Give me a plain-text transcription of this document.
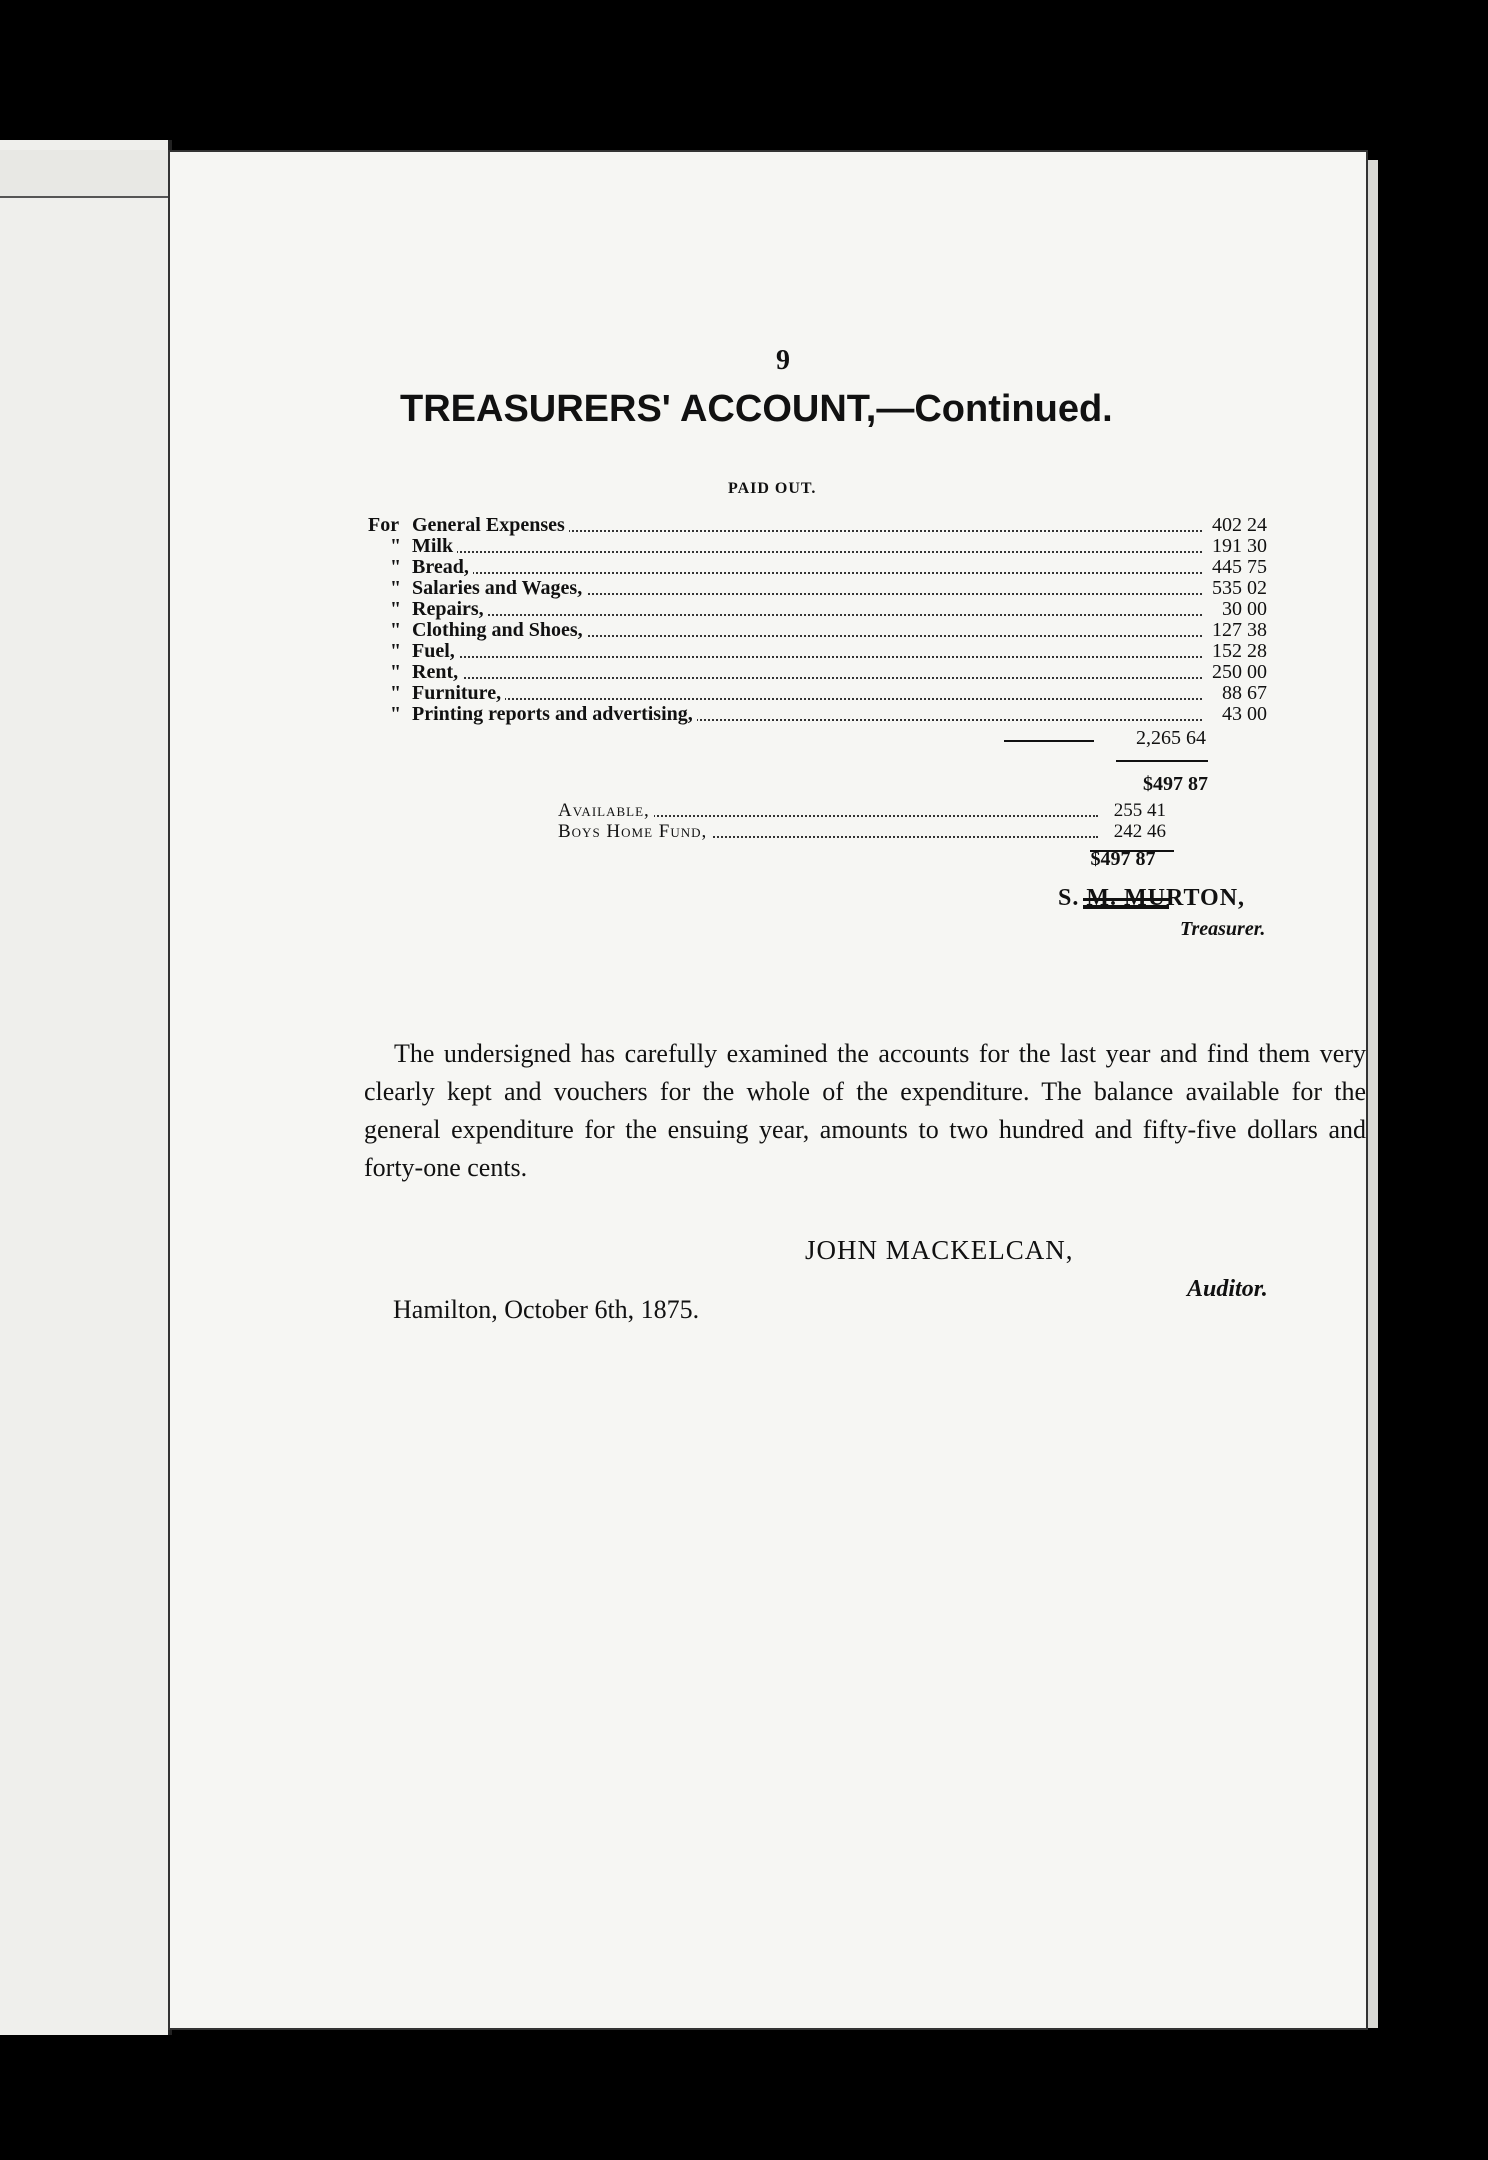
9
TREASURERS' ACCOUNT,—Continued.
PAID OUT.
For General Expenses	402 24
" Milk	191 30
" Bread,	445 75
" Salaries and Wages,	535 02
" Repairs,	30 00
" Clothing and Shoes,	127 38
" Fuel,	152 28
" Rent,	250 00
" Furniture,	88 67
" Printing reports and advertising,	43 00
2,265 64
$497 87
Available,	255 41
Boys Home Fund,	242 46
$497 87
S. M. MURTON,
Treasurer.

The undersigned has carefully examined the accounts for the last year and find them very clearly kept and vouchers for the whole of the expenditure. The balance available for the general expenditure for the ensuing year, amounts to two hundred and fifty-five dollars and forty-one cents.

JOHN MACKELCAN,
Auditor.
Hamilton, October 6th, 1875.
